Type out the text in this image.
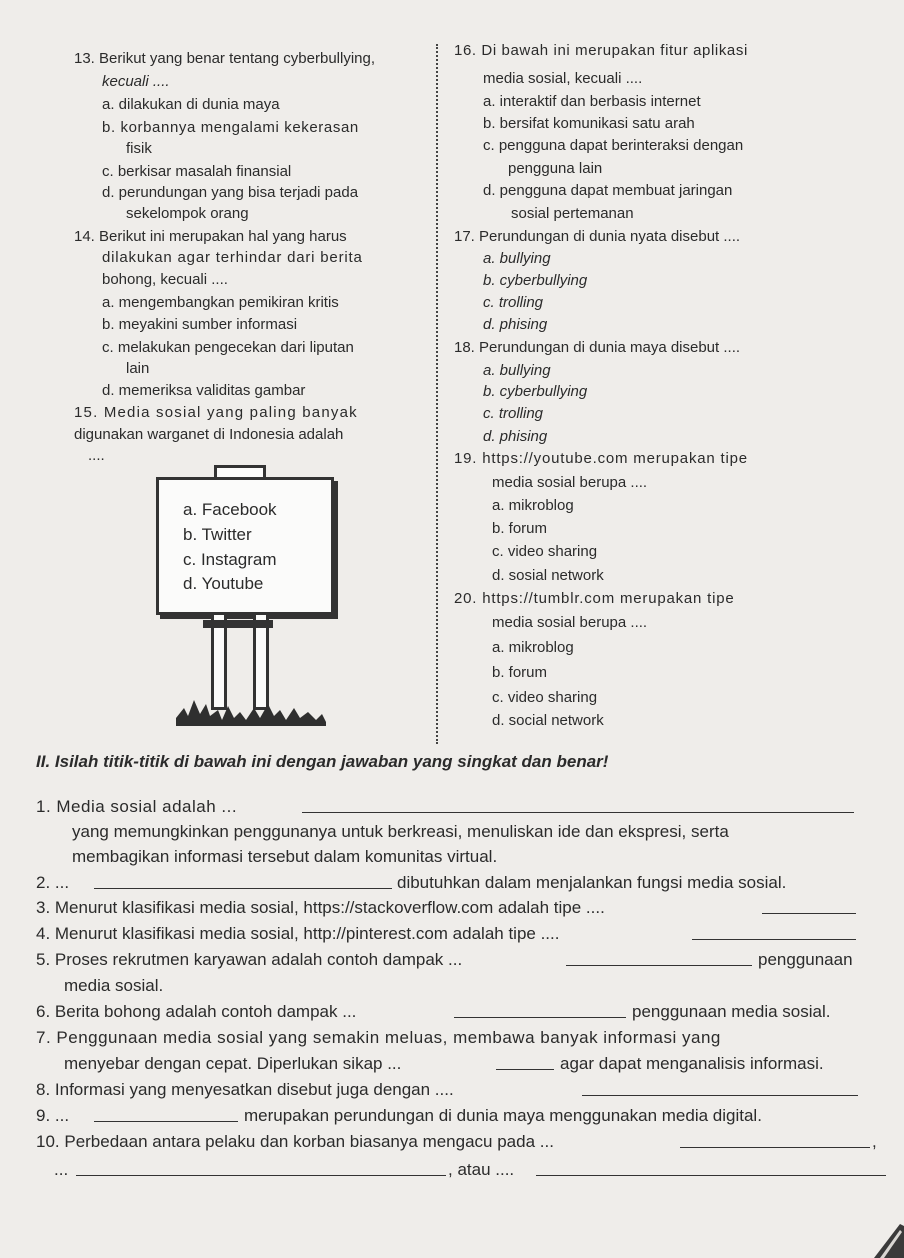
13. Berikut yang benar tentang cyberbullying,
kecuali ....
a. dilakukan di dunia maya
b. korbannya mengalami kekerasan
fisik
c. berkisar masalah finansial
d. perundungan yang bisa terjadi pada
sekelompok orang
14. Berikut ini merupakan hal yang harus
dilakukan agar terhindar dari berita
bohong, kecuali ....
a. mengembangkan pemikiran kritis
b. meyakini sumber informasi
c. melakukan pengecekan dari liputan
lain
d. memeriksa validitas gambar
15. Media sosial yang paling banyak
digunakan warganet di Indonesia adalah
....
a. Facebook
b. Twitter
c. Instagram
d. Youtube
16. Di bawah ini merupakan fitur aplikasi
media sosial, kecuali ....
a. interaktif dan berbasis internet
b. bersifat komunikasi satu arah
c. pengguna dapat berinteraksi dengan
pengguna lain
d. pengguna dapat membuat jaringan
sosial pertemanan
17. Perundungan di dunia nyata disebut ....
a. bullying
b. cyberbullying
c. trolling
d. phising
18. Perundungan di dunia maya disebut ....
a. bullying
b. cyberbullying
c. trolling
d. phising
19. https://youtube.com merupakan tipe
media sosial berupa ....
a. mikroblog
b. forum
c. video sharing
d. sosial network
20. https://tumblr.com merupakan tipe
media sosial berupa ....
a. mikroblog
b. forum
c. video sharing
d. social network
II. Isilah titik-titik di bawah ini dengan jawaban yang singkat dan benar!
1. Media sosial adalah ...
yang memungkinkan penggunanya untuk berkreasi, menuliskan ide dan ekspresi, serta
membagikan informasi tersebut dalam komunitas virtual.
2. ...	dibutuhkan dalam menjalankan fungsi media sosial.
3. Menurut klasifikasi media sosial, https://stackoverflow.com adalah tipe ....
4. Menurut klasifikasi media sosial, http://pinterest.com adalah tipe ....
5. Proses rekrutmen karyawan adalah contoh dampak ...	penggunaan
media sosial.
6. Berita bohong adalah contoh dampak ...	penggunaan media sosial.
7. Penggunaan media sosial yang semakin meluas, membawa banyak informasi yang
menyebar dengan cepat. Diperlukan sikap ...	agar dapat menganalisis informasi.
8. Informasi yang menyesatkan disebut juga dengan ....
9. ...	merupakan perundungan di dunia maya menggunakan media digital.
10. Perbedaan antara pelaku dan korban biasanya mengacu pada ...	,
...	, atau ....
